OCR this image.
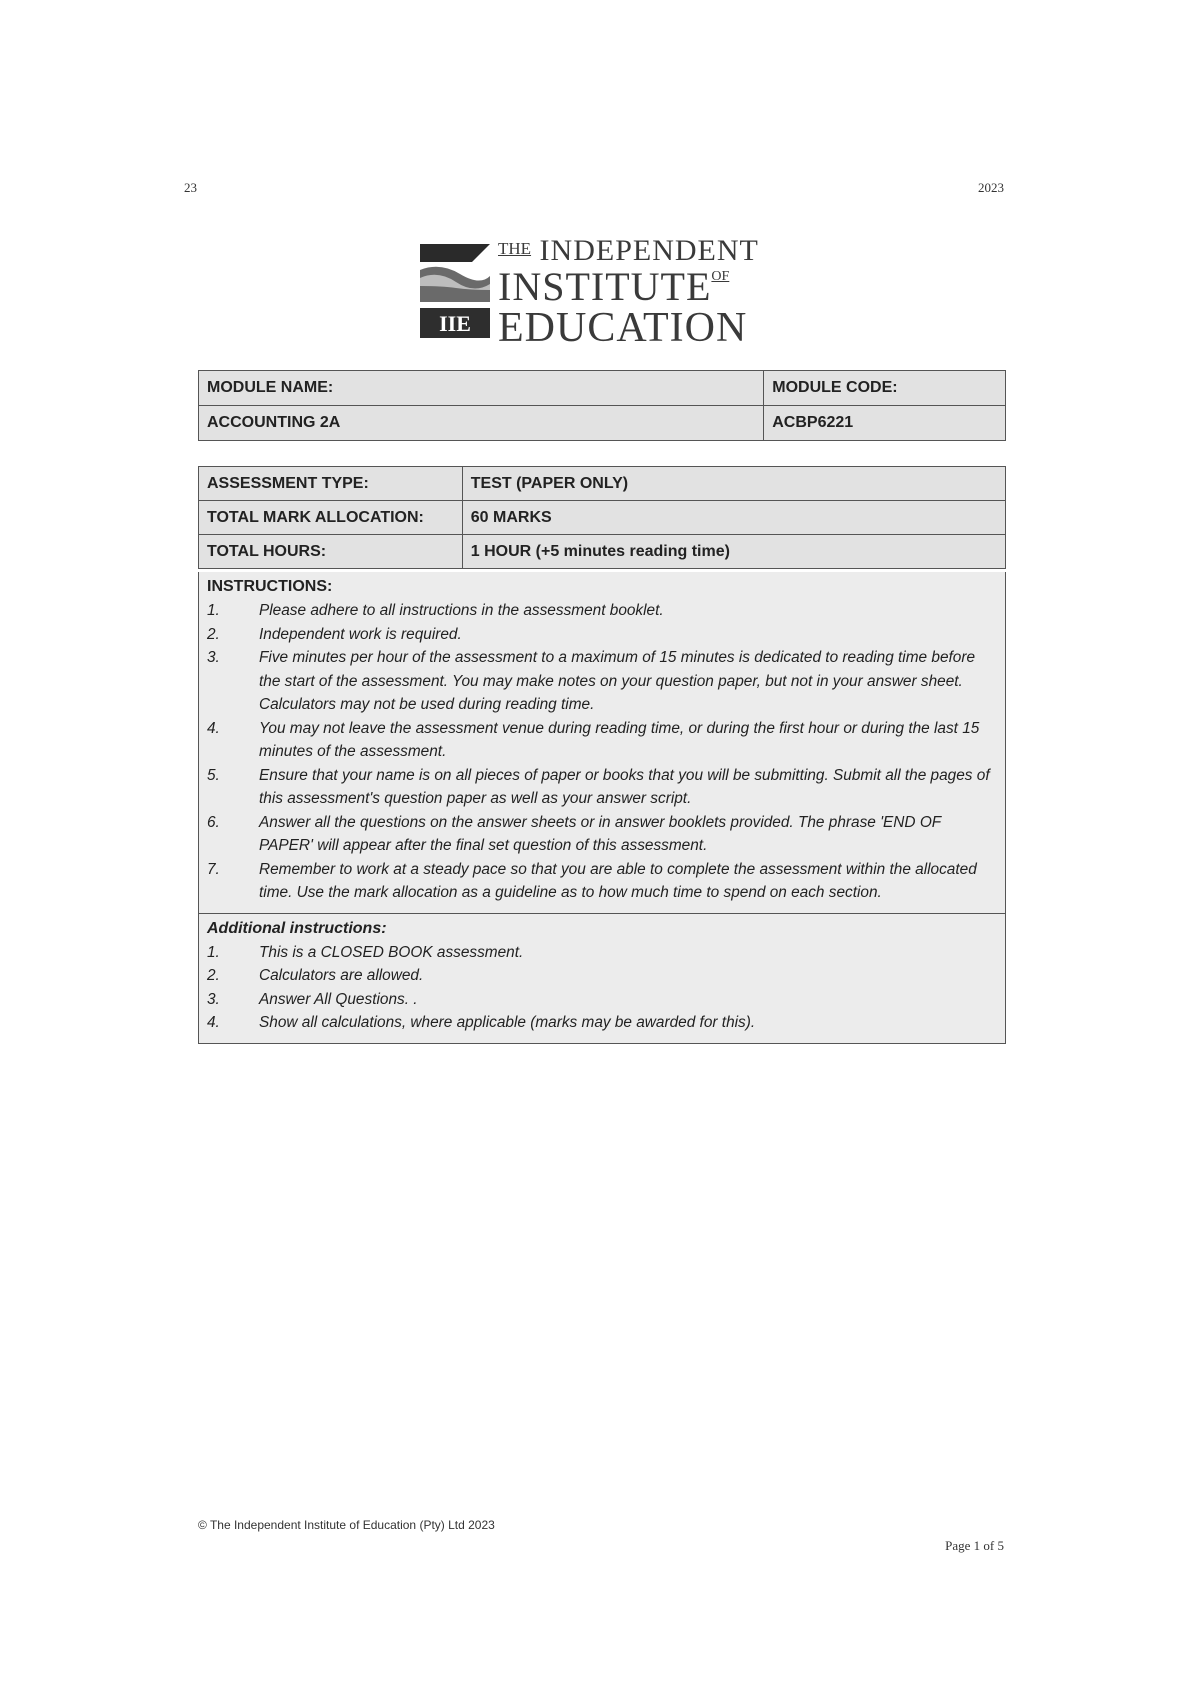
23	2023
IIE
$^{THE}$ INDEPENDENT
$INSTITUTE^{OF}$
EDUCATION
MODULE NAME:	MODULE CODE:
ACCOUNTING 2A	ACBP6221
ASSESSMENT TYPE:	TEST (PAPER ONLY)
TOTAL MARK ALLOCATION:	60 MARKS
TOTAL HOURS:	1 HOUR (+5 minutes reading time)
INSTRUCTIONS:
1.	Please adhere to all instructions in the assessment booklet.
2.	Independent work is required.
3.	Five minutes per hour of the assessment to a maximum of 15 minutes is dedicated to reading time before the start of the assessment. You may make notes on your question paper, but not in your answer sheet. Calculators may not be used during reading time.
4.	You may not leave the assessment venue during reading time, or during the first hour or during the last 15 minutes of the assessment.
5.	Ensure that your name is on all pieces of paper or books that you will be submitting. Submit all the pages of this assessment's question paper as well as your answer script.
6.	Answer all the questions on the answer sheets or in answer booklets provided. The phrase 'END OF PAPER' will appear after the final set question of this assessment.
7.	Remember to work at a steady pace so that you are able to complete the assessment within the allocated time. Use the mark allocation as a guideline as to how much time to spend on each section.
Additional instructions:
1.	This is a CLOSED BOOK assessment.
2.	Calculators are allowed.
3.	Answer All Questions. .
4.	Show all calculations, where applicable (marks may be awarded for this).
© The Independent Institute of Education (Pty) Ltd 2023
Page 1 of 5
